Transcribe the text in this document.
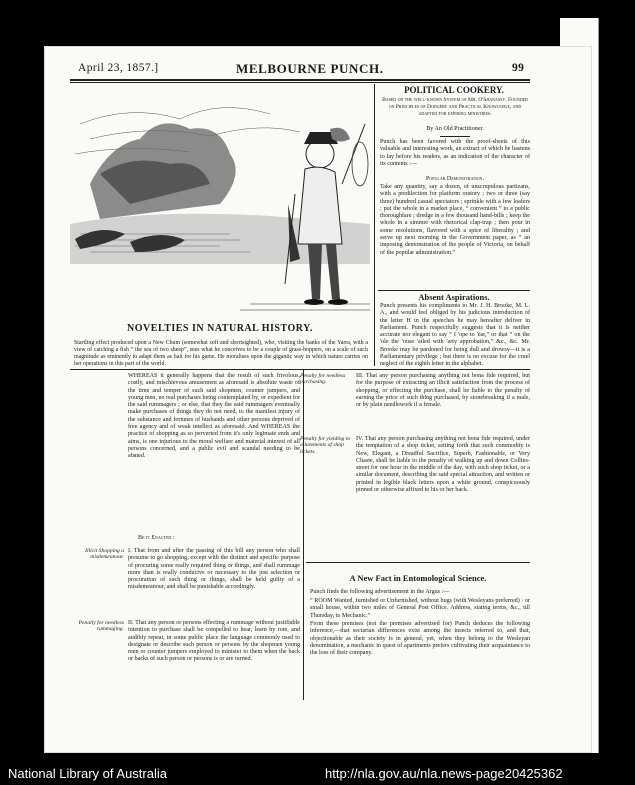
April 23, 1857.]	MELBOURNE PUNCH.	99
NOVELTIES IN NATURAL HISTORY.
Startling effect produced upon a New Chum (somewhat soft and shortsighted), who, visiting the banks of the Yarra, with a view of catching a fish “ the sea of two sheep”, sees what he conceives to be a couple of grass-hoppers, on a scale of such magnitude as eminently to adapt them as bait for his game. He moralises upon the gigantic way in which nature carries on her operations in this part of the world.
POLITICAL COOKERY.
Based on the well-known System of Mr. O'Shanassy. Founded on Principles of Dodgery and Practical Knowledge, and adapted for expiring ministries.
By An Old Practitioner.
Punch has been favored with the proof-sheets of this valuable and interesting work, an extract of which he hastens to lay before his readers, as an indication of the character of its contents :—
Popular Demonstration.
Take any quantity, say a dozen, of unscrupulous partizans, with a predilection for platform oratory ; two or three (say three) hundred casual spectators ; sprinkle with a few loafers ; put the whole in a market place, “ convenient ” to a public thoroughfare ; dredge in a few thousand hand-bills ; keep the whole in a simmer with rhetorical clap-trap ; then pour in some resolutions, flavored with a spice of liberality ; and serve up next morning in the Government paper, as “ an imposing demonstration of the people of Victoria, on behalf of the popular administration.”
Absent Aspirations.
Punch presents his compliments to Mr. J. H. Brooke, M. L. A., and would feel obliged by his judicious introduction of the letter H in the speeches he may hereafter deliver in Parliament. Punch respectfully suggests that it is neither accurate nor elegant to say “ I 'ope to 'ear,” or that “ on the 'ole the 'ouse 'ailed with 'arty approbation,” &c., &c. Mr. Brooke may be pardoned for being dull and drowsy—it is a Parliamentary privilege ; but there is no excuse for the cruel neglect of the eighth letter in the alphabet.
WHEREAS it generally happens that the result of such frivolous, costly, and mischievous amusement as aforesaid is absolute waste of the time and temper of such said shopmen, counter jumpers, and young men, no real purchases being contemplated by, or expedient for the said rummagers ; or else, that they the said rummagers eventually make purchases of things they do not need, to the manifest injury of the substance and fortunes of husbands and other persons deprived of free agency and of weak intellect as aforesaid. And WHEREAS the practice of shopping as so perverted from it's only legimate ends and aims, is one injurious to the moral welfare and material interest of all persons concerned, and a public evil and scandal needing to be abated.
Be it Enacted :
Illicit Shopping a misdemeanour.
I. That from and after the passing of this bill any person who shall presume to go shopping, except with the distinct and specific purpose of procuring some really required thing or things, and shall rummage more than is really conducive or necessary to the just selection or procuration of such thing or things, shall be held guilty of a misdemeanour, and shall be punishable accordingly.
Penalty for needless rummaging.
II. That any person or persons effecting a rummage without justifiable intention to purchase shall be compelled to hear, learn by rote, and audibly repeat, in some public place the language commonly used to designate or describe such person or persons by the shopmen young men or counter jumpers employed to minister to them when the back or backs of such person or persons is or are turned.
Penalty for needless purchasing.
III. That any person purchasing anything not bona fide required, but for the purpose of extracting an illicit satisfaction from the process of shopping, or effecting the purchase, shall be liable to the penalty of earning the price of such thing purchased, by stonebreaking if a male, or by plain needlework if a female.
Penalty for yielding to allurements of shop tickets.
IV. That any person purchasing anything not bona fide required, under the temptation of a shop ticket, setting forth that such commodity is New, Elegant, a Dreadful Sacrifice, Superb, Fashionable, or Very Chaste, shall be liable to the penalty of walking up and down Collins-street for one hour in the middle of the day, with such shop ticket, or a similar document, describing the said special attraction, and written or printed in legible black letters upon a white ground, conspicuously pinned or otherwise affixed to his or her back.
A New Fact in Entomological Science.
Punch finds the following advertisement in the Argus :—
“ ROOM Wanted, furnished or Unfurnished, without bugs (with Wesleyans preferred) · or small house, within two miles of General Post Office. Address, stating terms, &c., till Thursday, to Mechanic.”
From these premises (not the premises advertised for) Punch deduces the following inference,—that sectarian differences exist among the insects referred to, and that, objectionable as their society is in general, yet, when they belong to the Wesleyan denomination, a mechanic in quest of apartments prefers cultivating their acquaintance to the loss of their company.
National Library of Australia	http://nla.gov.au/nla.news-page20425362
